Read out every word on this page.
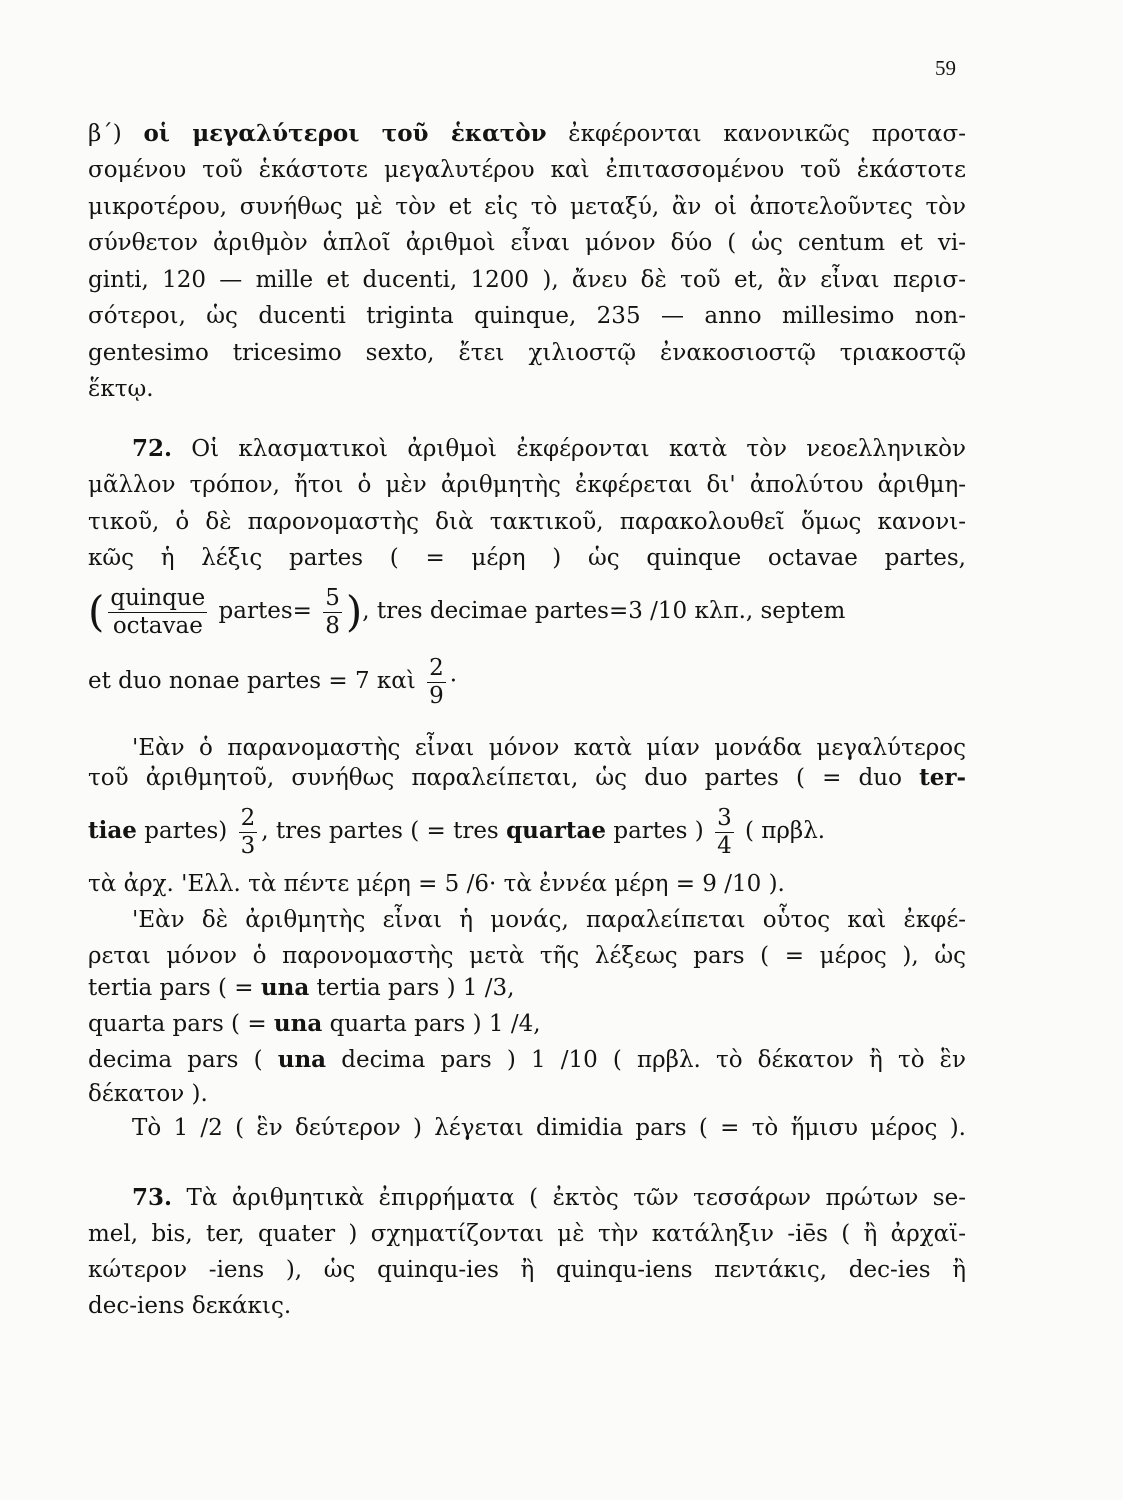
59
β΄) οἱ μεγαλύτεροι τοῦ ἑκατὸν ἐκφέρονται κανονικῶς προτασ-
σομένου τοῦ ἑκάστοτε μεγαλυτέρου καὶ ἐπιτασσομένου τοῦ ἑκάστοτε
μικροτέρου, συνήθως μὲ τὸν et εἰς τὸ μεταξύ, ἂν οἱ ἀποτελοῦντες τὸν
σύνθετον ἀριθμὸν ἁπλοῖ ἀριθμοὶ εἶναι μόνον δύο ( ὡς centum et vi-
ginti, 120 — mille et ducenti, 1200 ), ἄνευ δὲ τοῦ et, ἂν εἶναι περισ-
σότεροι, ὡς ducenti triginta quinque, 235 — anno millesimo non-
gentesimo tricesimo sexto, ἔτει χιλιοστῷ ἐνακοσιοστῷ τριακοστῷ
ἕκτῳ.
72. Οἱ κλασματικοὶ ἀριθμοὶ ἐκφέρονται κατὰ τὸν νεοελληνικὸν
μᾶλλον τρόπον, ἤτοι ὁ μὲν ἀριθμητὴς ἐκφέρεται δι' ἀπολύτου ἀριθμη-
τικοῦ, ὁ δὲ παρονομαστὴς διὰ τακτικοῦ, παρακολουθεῖ ὅμως κανονι-
κῶς ἡ λέξις partes ( = μέρη ) ὡς quinque octavae partes,
( $\frac{\text{quinque}}{\text{octavae}}$ partes= $\frac{5}{8}$ ), tres decimae partes=3 /10 κλπ., septem
et duo nonae partes = 7 καὶ $\frac{2}{9}$ ·
'Εὰν ὁ παρανομαστὴς εἶναι μόνον κατὰ μίαν μονάδα μεγαλύτερος
τοῦ ἀριθμητοῦ, συνήθως παραλείπεται, ὡς duo partes ( = duo ter-
tiae partes) $\frac{2}{3}$ , tres partes ( = tres quartae partes ) $\frac{3}{4}$ ( πρβλ.
τὰ ἀρχ. 'Ελλ. τὰ πέντε μέρη = 5 /6· τὰ ἐννέα μέρη = 9 /10 ).
'Εὰν δὲ ἀριθμητὴς εἶναι ἡ μονάς, παραλείπεται οὗτος καὶ ἐκφέ-
ρεται μόνον ὁ παρονομαστὴς μετὰ τῆς λέξεως pars ( = μέρος ), ὡς
tertia pars ( = una tertia pars ) 1 /3,
quarta pars ( = una quarta pars ) 1 /4,
decima pars ( una decima pars ) 1 /10 ( πρβλ. τὸ δέκατον ἢ τὸ ἓν
δέκατον ).
Τὸ 1 /2 ( ἓν δεύτερον ) λέγεται dimidia pars ( = τὸ ἥμισυ μέρος ).
73. Τὰ ἀριθμητικὰ ἐπιρρήματα ( ἐκτὸς τῶν τεσσάρων πρώτων se-
mel, bis, ter, quater ) σχηματίζονται μὲ τὴν κατάληξιν -iēs ( ἢ ἀρχαϊ-
κώτερον -iens ), ὡς quinqu-ies ἢ quinqu-iens πεντάκις, dec-ies ἢ
dec-iens δεκάκις.
